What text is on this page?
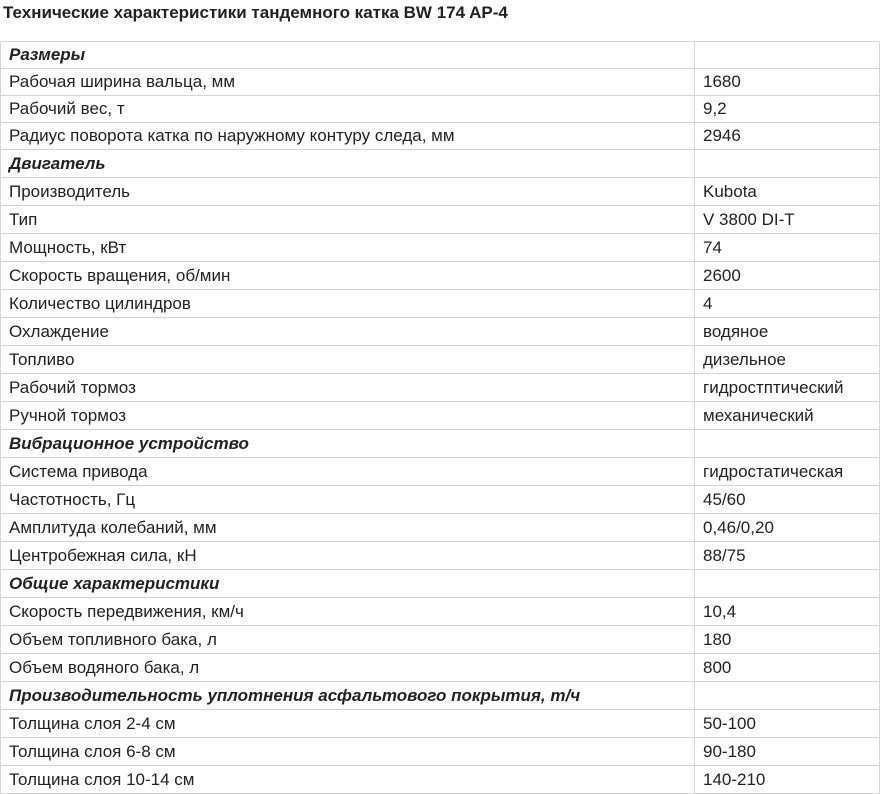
Технические характеристики тандемного катка BW 174 AP-4
Размеры	
Рабочая ширина вальца, мм	1680
Рабочий вес, т	9,2
Радиус поворота катка по наружному контуру следа, мм	2946
Двигатель	
Производитель	Kubota
Тип	V 3800 DI-T
Мощность, кВт	74
Скорость вращения, об/мин	2600
Количество цилиндров	4
Охлаждение	водяное
Топливо	дизельное
Рабочий тормоз	гидростптический
Ручной тормоз	механический
Вибрационное устройство	
Система привода	гидростатическая
Частотность, Гц	45/60
Амплитуда колебаний, мм	0,46/0,20
Центробежная сила, кН	88/75
Общие характеристики	
Скорость передвижения, км/ч	10,4
Объем топливного бака, л	180
Объем водяного бака, л	800
Производительность уплотнения асфальтового покрытия, т/ч	
Толщина слоя 2-4 см	50-100
Толщина слоя 6-8 см	90-180
Толщина слоя 10-14 см	140-210
